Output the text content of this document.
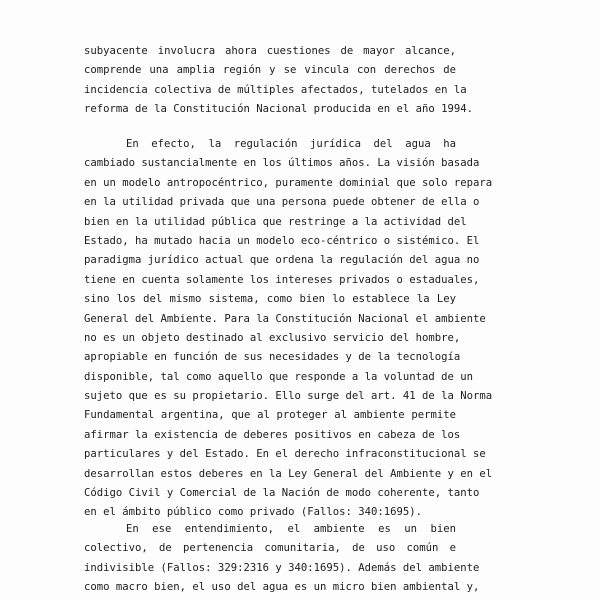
subyacente involucra ahora cuestiones de mayor alcance,
comprende una amplia región y se vincula con derechos de
incidencia colectiva de múltiples afectados, tutelados en la
reforma de la Constitución Nacional producida en el año 1994.
En efecto, la regulación jurídica del agua ha
cambiado sustancialmente en los últimos años. La visión basada
en un modelo antropocéntrico, puramente dominial que solo repara
en la utilidad privada que una persona puede obtener de ella o
bien en la utilidad pública que restringe a la actividad del
Estado, ha mutado hacia un modelo eco-céntrico o sistémico. El
paradigma jurídico actual que ordena la regulación del agua no
tiene en cuenta solamente los intereses privados o estaduales,
sino los del mismo sistema, como bien lo establece la Ley
General del Ambiente. Para la Constitución Nacional el ambiente
no es un objeto destinado al exclusivo servicio del hombre,
apropiable en función de sus necesidades y de la tecnología
disponible, tal como aquello que responde a la voluntad de un
sujeto que es su propietario. Ello surge del art. 41 de la Norma
Fundamental argentina, que al proteger al ambiente permite
afirmar la existencia de deberes positivos en cabeza de los
particulares y del Estado. En el derecho infraconstitucional se
desarrollan estos deberes en la Ley General del Ambiente y en el
Código Civil y Comercial de la Nación de modo coherente, tanto
en el ámbito público como privado (Fallos: 340:1695).
En ese entendimiento, el ambiente es un bien
colectivo, de pertenencia comunitaria, de uso común e
indivisible (Fallos: 329:2316 y 340:1695). Además del ambiente
como macro bien, el uso del agua es un micro bien ambiental y,
